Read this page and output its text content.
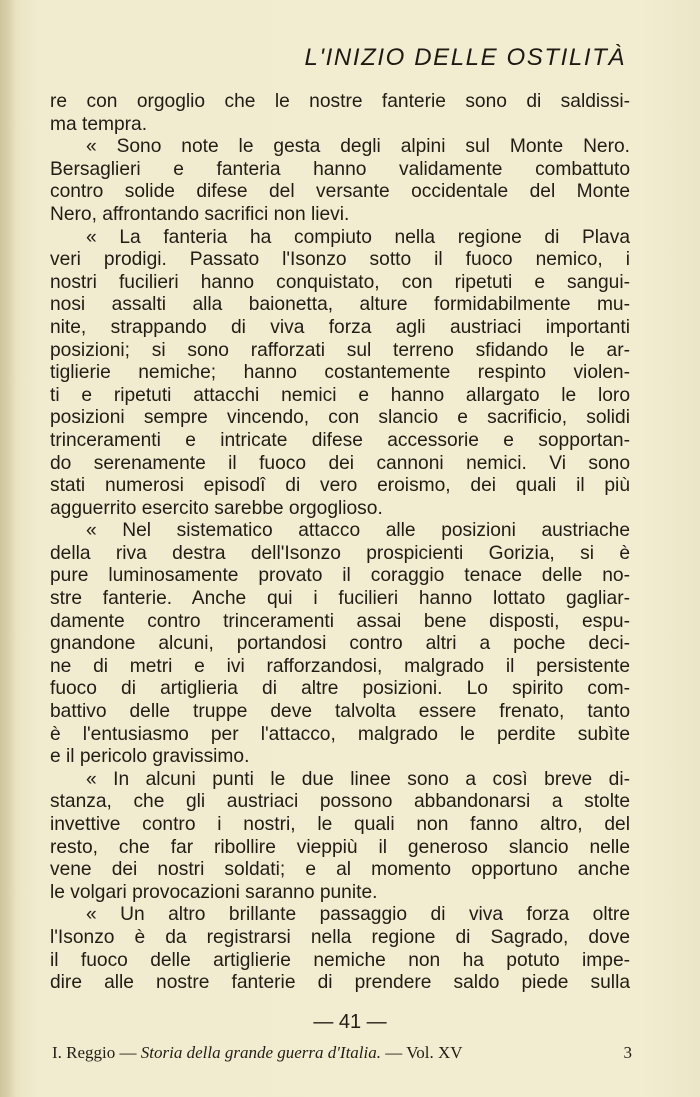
L'INIZIO DELLE OSTILITÀ
re con orgoglio che le nostre fanterie sono di saldissi-
ma tempra.
« Sono note le gesta degli alpini sul Monte Nero.
Bersaglieri e fanteria hanno validamente combattuto
contro solide difese del versante occidentale del Monte
Nero, affrontando sacrifici non lievi.
« La fanteria ha compiuto nella regione di Plava
veri prodigi. Passato l'Isonzo sotto il fuoco nemico, i
nostri fucilieri hanno conquistato, con ripetuti e sangui-
nosi assalti alla baionetta, alture formidabilmente mu-
nite, strappando di viva forza agli austriaci importanti
posizioni; si sono rafforzati sul terreno sfidando le ar-
tiglierie nemiche; hanno costantemente respinto violen-
ti e ripetuti attacchi nemici e hanno allargato le loro
posizioni sempre vincendo, con slancio e sacrificio, solidi
trinceramenti e intricate difese accessorie e sopportan-
do serenamente il fuoco dei cannoni nemici. Vi sono
stati numerosi episodî di vero eroismo, dei quali il più
agguerrito esercito sarebbe orgoglioso.
« Nel sistematico attacco alle posizioni austriache
della riva destra dell'Isonzo prospicienti Gorizia, si è
pure luminosamente provato il coraggio tenace delle no-
stre fanterie. Anche qui i fucilieri hanno lottato gagliar-
damente contro trinceramenti assai bene disposti, espu-
gnandone alcuni, portandosi contro altri a poche deci-
ne di metri e ivi rafforzandosi, malgrado il persistente
fuoco di artiglieria di altre posizioni. Lo spirito com-
battivo delle truppe deve talvolta essere frenato, tanto
è l'entusiasmo per l'attacco, malgrado le perdite subìte
e il pericolo gravissimo.
« In alcuni punti le due linee sono a così breve di-
stanza, che gli austriaci possono abbandonarsi a stolte
invettive contro i nostri, le quali non fanno altro, del
resto, che far ribollire vieppiù il generoso slancio nelle
vene dei nostri soldati; e al momento opportuno anche
le volgari provocazioni saranno punite.
« Un altro brillante passaggio di viva forza oltre
l'Isonzo è da registrarsi nella regione di Sagrado, dove
il fuoco delle artiglierie nemiche non ha potuto impe-
dire alle nostre fanterie di prendere saldo piede sulla
— 41 —
I. Reggio — Storia della grande guerra d'Italia. — Vol. XV	3
